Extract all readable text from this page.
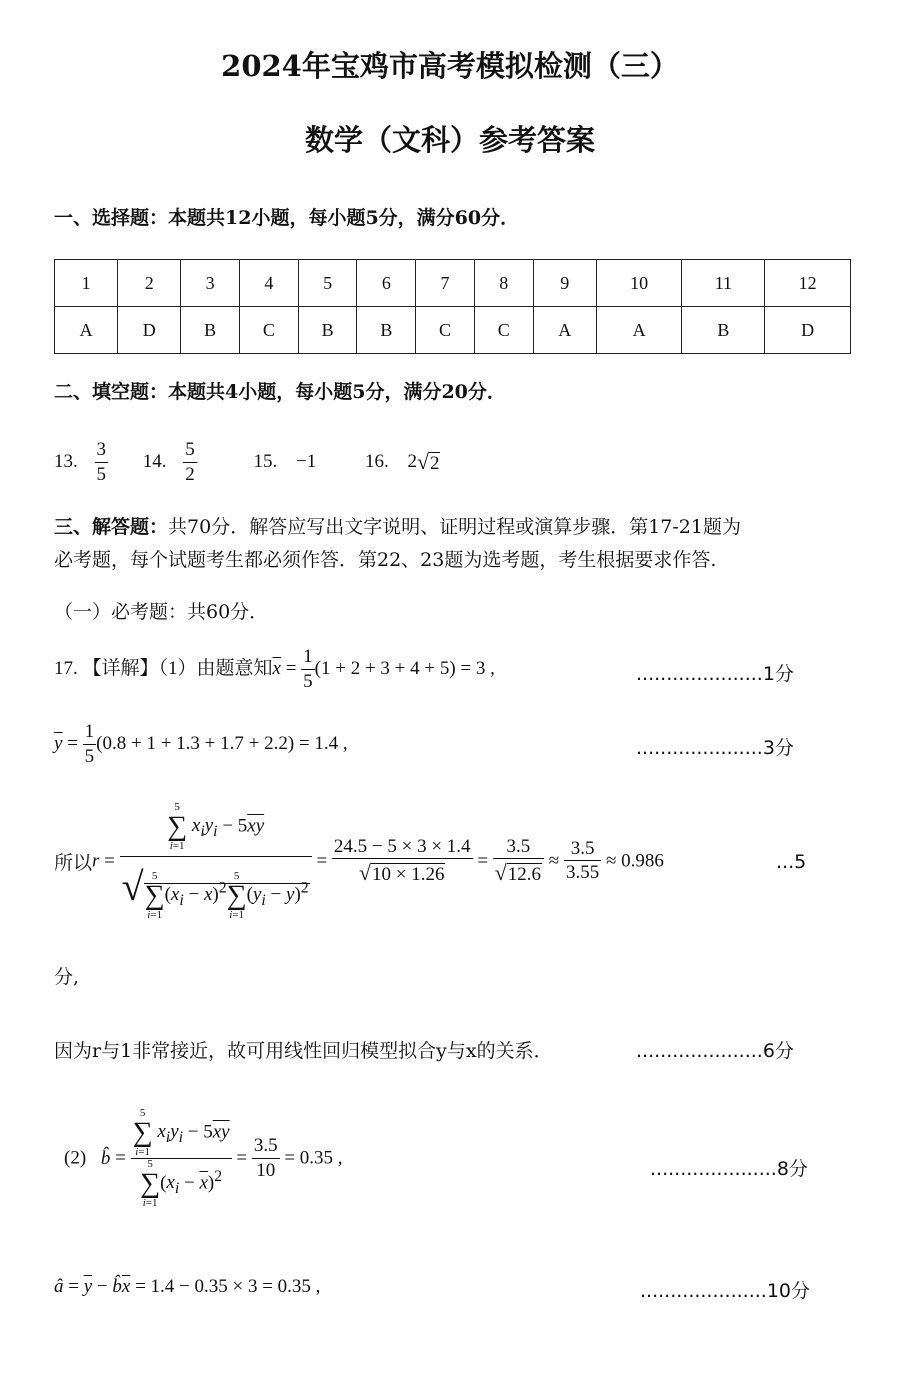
2024年宝鸡市高考模拟检测（三）
数学（文科）参考答案
一、选择题：本题共12小题，每小题5分，满分60分．
1	2	3	4	5	6	7	8	9	10	11	12
A	D	B	C	B	B	C	C	A	A	B	D
二、填空题：本题共4小题，每小题5分，满分20分．
13. $\frac{3}{5} 14$. $\frac{5}{2}$	15. −1	16. 2√2
三、解答题：共70分．解答应写出文字说明、证明过程或演算步骤．第17-21题为
必考题，每个试题考生都必须作答．第22、23题为选考题，考生根据要求作答.
（一）必考题：共60分．
17. 【详解】（1）由题意知$\overline{x} = \frac{1}{5} (1 + 2 + 3 + 4 + 5) = 3$ ,	.....................1分
$\overline{y} = \frac{1}{5} (0.8 + 1 + 1.3 + 1.7 + 2.2) = 1.4$ ,	.....................3分
所以r = 5
∑
i=1
$x_iy_i - 5\overline{xy}$
√ 5
∑
i=1
$(x_i - \overline{x})^2$
5
∑
i=1
$(y_i - \overline{y})^2 = \frac{24.5 - 5 \times 3 \times 1.4}{√10 \times 1.26} = \frac{3.5}{√12.6} \approx \frac{3.5}{3.55} \approx 0.986$	...5
分,
因为r与1非常接近，故可用线性回归模型拟合y与x的关系．	.....................6分
(2) b̂ = 5
∑
i=1
$x_iy_i - 5\overline{xy}$
5
∑
i=1
$(x_i - \overline{x})^2 = \frac{3.5}{10} = 0.35$ ,	.....................8分
â = $\overline{y}$ − $b̂\overline{x} = 1.4 - 0.35 \times 3 = 0.35$ ,	.....................10分
